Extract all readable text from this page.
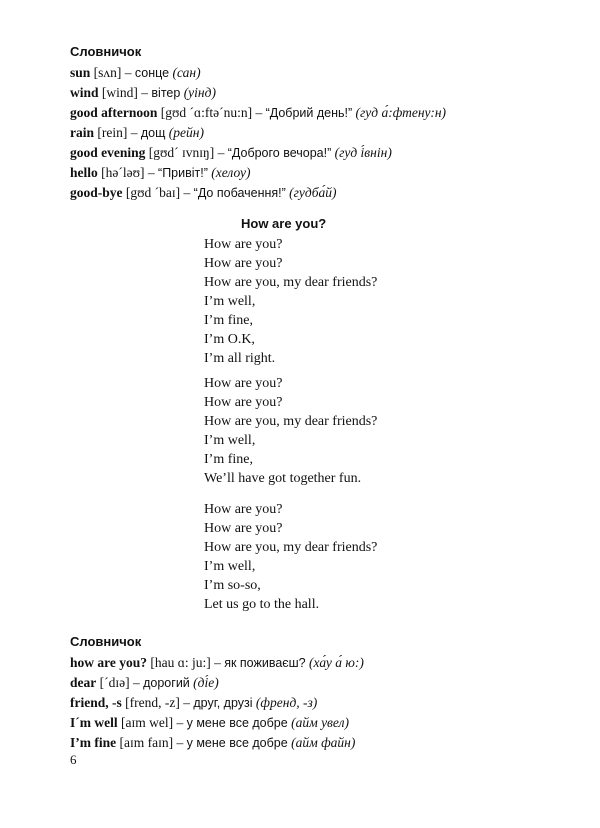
Словничок
sun [sʌn] – сонце (сан)
wind [wind] – вітер (уінд)
good afternoon [gʊd ˊɑ:ftəˊnu:n] – “Добрий день!” (гуд а́:фтену:н)
rain [rein] – дощ (рейн)
good evening [gʊdˊ ɪvnɪŋ] – “Доброго вечора!” (гуд і́внін)
hello [həˊləʊ] – “Привіт!” (хелоу)
good-bye [gʊd ˊbaɪ] – “До побачення!” (гудба́й)
How are you?
How are you?
How are you?
How are you, my dear friends?
I’m well,
I’m fine,
I’m O.K,
I’m all right.
How are you?
How are you?
How are you, my dear friends?
I’m well,
I’m fine,
We’ll have got together fun.
How are you?
How are you?
How are you, my dear friends?
I’m well,
I’m so-so,
Let us go to the hall.
Словничок
how are you? [hau ɑ: ju:] – як поживаєш? (ха́у а́ ю:)
dear [ˊdɪə] – дорогий (ді́е)
friend, -s [frend, -z] – друг, друзі (френд, -з)
Iˊm well [aɪm wel] – у мене все добре (айм увел)
I’m fine [aɪm faɪn] – у мене все добре (айм файн)
6
